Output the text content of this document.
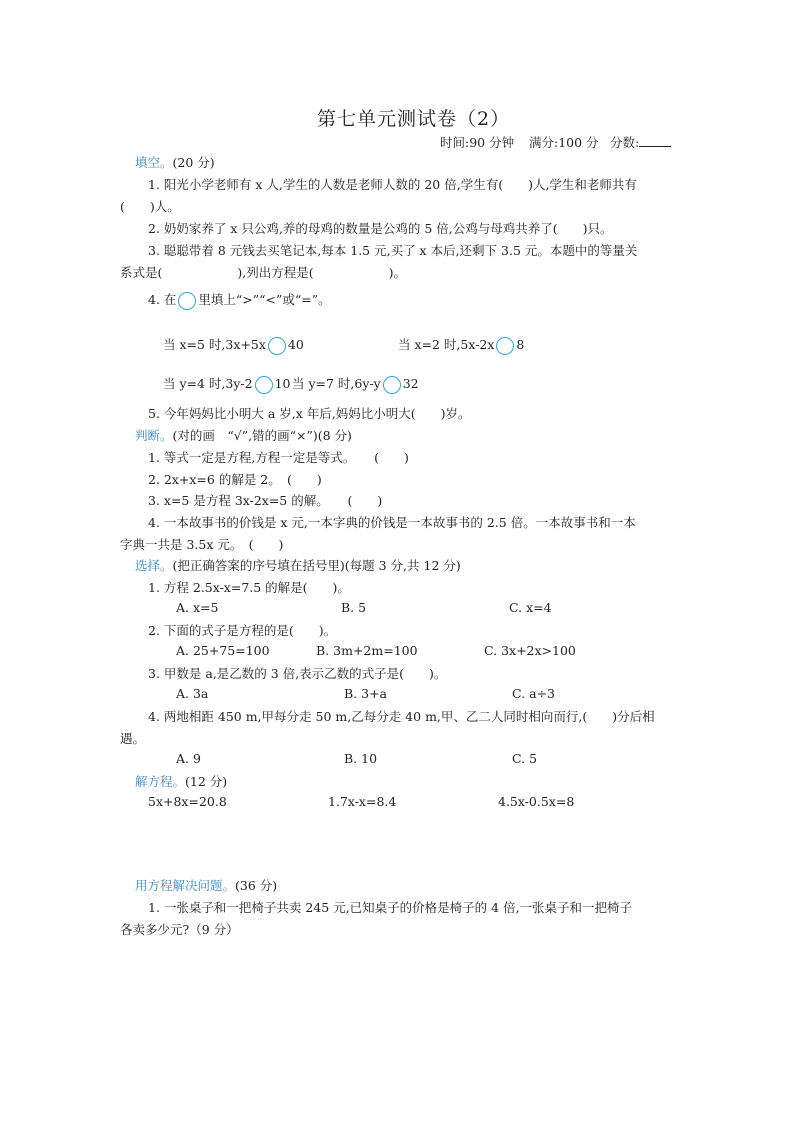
第七单元测试卷（2）
时间:90 分钟 满分:100 分 分数:
填空。(20 分)
1. 阳光小学老师有 x 人,学生的人数是老师人数的 20 倍,学生有(　　)人,学生和老师共有
(　　)人。
2. 奶奶家养了 x 只公鸡,养的母鸡的数量是公鸡的 5 倍,公鸡与母鸡共养了(　　)只。
3. 聪聪带着 8 元钱去买笔记本,每本 1.5 元,买了 x 本后,还剩下 3.5 元。本题中的等量关
系式是(　　　　　　),列出方程是(　　　　　　)。
4. 在 里填上“>”“<”或“=”。
当 x=5 时,3x+5x 40	当 x=2 时,5x-2x 8
当 y=4 时,3y-2 10 当 y=7 时,6y-y 32
5. 今年妈妈比小明大 a 岁,x 年后,妈妈比小明大(　　)岁。
判断。(对的画　“√”,错的画“×”)(8 分)
1. 等式一定是方程,方程一定是等式。　　(　　)
2. 2x+x=6 的解是 2。　(　　)
3. x=5 是方程 3x-2x=5 的解。　　(　　)
4. 一本故事书的价钱是 x 元,一本字典的价钱是一本故事书的 2.5 倍。一本故事书和一本
字典一共是 3.5x 元。　(　　)
选择。(把正确答案的序号填在括号里)(每题 3 分,共 12 分)
1. 方程 2.5x-x=7.5 的解是(　　)。
A. x=5	B. 5	C. x=4
2. 下面的式子是方程的是(　　)。
A. 25+75=100	B. 3m+2m=100	C. 3x+2x>100
3. 甲数是 a,是乙数的 3 倍,表示乙数的式子是(　　)。
A. 3a	B. 3+a	C. a÷3
4. 两地相距 450 m,甲每分走 50 m,乙每分走 40 m,甲、乙二人同时相向而行,(　　)分后相
遇。
A. 9	B. 10	C. 5
解方程。(12 分)
5x+8x=20.8	1.7x-x=8.4	4.5x-0.5x=8
用方程解决问题。(36 分)
1. 一张桌子和一把椅子共卖 245 元,已知桌子的价格是椅子的 4 倍,一张桌子和一把椅子
各卖多少元?（9 分）
